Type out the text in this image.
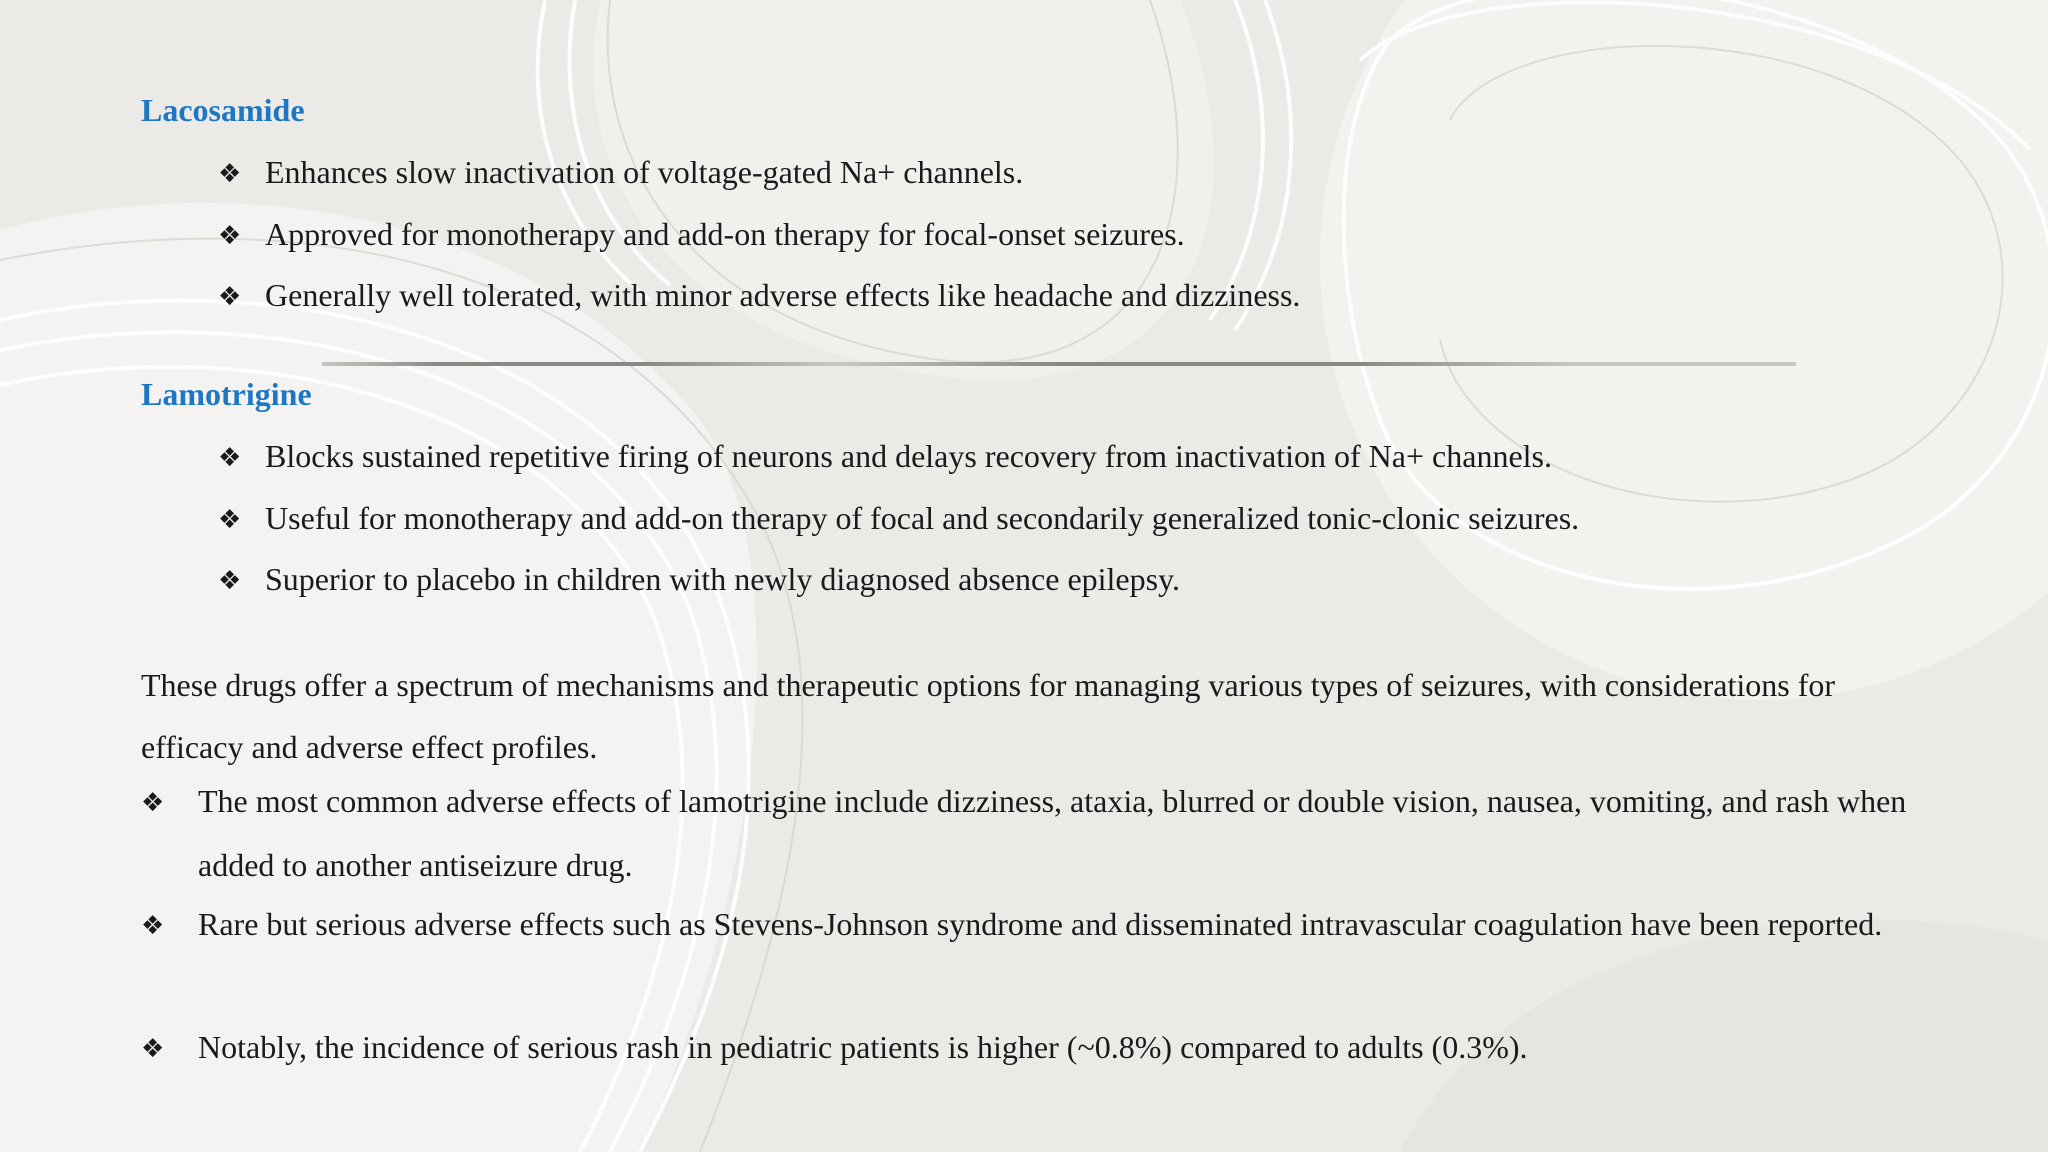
Lacosamide
❖ Enhances slow inactivation of voltage-gated Na+ channels.
❖ Approved for monotherapy and add-on therapy for focal-onset seizures.
❖ Generally well tolerated, with minor adverse effects like headache and dizziness.
Lamotrigine
❖ Blocks sustained repetitive firing of neurons and delays recovery from inactivation of Na+ channels.
❖ Useful for monotherapy and add-on therapy of focal and secondarily generalized tonic-clonic seizures.
❖ Superior to placebo in children with newly diagnosed absence epilepsy.

These drugs offer a spectrum of mechanisms and therapeutic options for managing various types of seizures, with considerations for efficacy and adverse effect profiles.

❖ The most common adverse effects of lamotrigine include dizziness, ataxia, blurred or double vision, nausea, vomiting, and rash when added to another antiseizure drug.
❖ Rare but serious adverse effects such as Stevens-Johnson syndrome and disseminated intravascular coagulation have been reported.
❖ Notably, the incidence of serious rash in pediatric patients is higher (~0.8%) compared to adults (0.3%).
